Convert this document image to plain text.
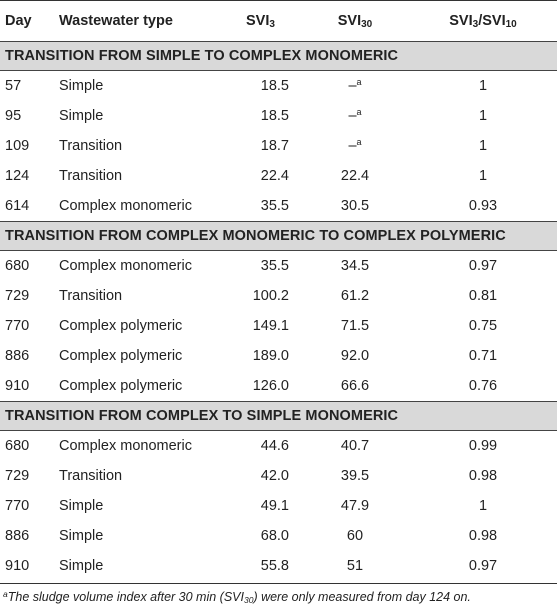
Day Wastewater type	$SVI_3$	$SVI_{30}$	$SVI_3/SVI_{10}$
TRANSITION FROM SIMPLE TO COMPLEX MONOMERIC
57	Simple	18.5	–$^a$	1
95	Simple	18.5	–$^a$	1
109 Transition	18.7	–$^a$	1
124 Transition	22.4	22.4	1
614 Complex monomeric	35.5	30.5	0.93
TRANSITION FROM COMPLEX MONOMERIC TO COMPLEX POLYMERIC
680 Complex monomeric	35.5	34.5	0.97
729 Transition	100.2	61.2	0.81
770 Complex polymeric	149.1	71.5	0.75
886 Complex polymeric	189.0	92.0	0.71
910 Complex polymeric	126.0	66.6	0.76
TRANSITION FROM COMPLEX TO SIMPLE MONOMERIC
680 Complex monomeric	44.6	40.7	0.99
729 Transition	42.0	39.5	0.98
770 Simple	49.1	47.9	1
886 Simple	68.0	60	0.98
910 Simple	55.8	51	0.97
$^a$The sludge volume index after 30 $\min (SVI_{30})$ were only measured from day 124 on.
